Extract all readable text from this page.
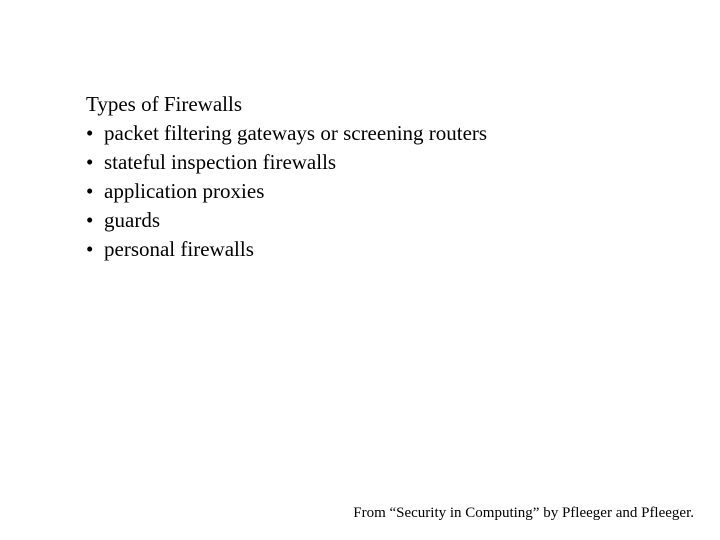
Types of Firewalls
• packet filtering gateways or screening routers
• stateful inspection firewalls
• application proxies
• guards
• personal firewalls
From “Security in Computing” by Pfleeger and Pfleeger.
